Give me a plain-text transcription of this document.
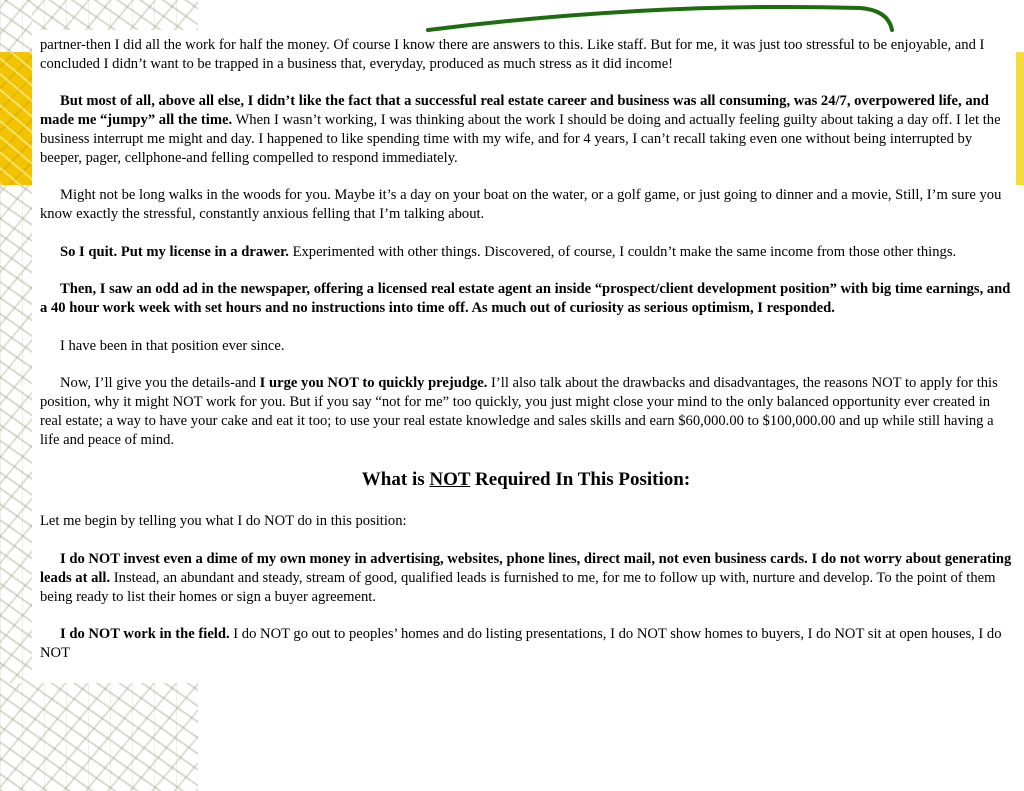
partner-then I did all the work for half the money. Of course I know there are answers to this. Like staff. But for me, it was just too stressful to be enjoyable, and I concluded I didn’t want to be trapped in a business that, everyday, produced as much stress as it did income!

But most of all, above all else, I didn’t like the fact that a successful real estate career and business was all consuming, was 24/7, overpowered life, and made me “jumpy” all the time. When I wasn’t working, I was thinking about the work I should be doing and actually feeling guilty about taking a day off. I let the business interrupt me might and day. I happened to like spending time with my wife, and for 4 years, I can’t recall taking even one without being interrupted by beeper, pager, cellphone-and felling compelled to respond immediately.

Might not be long walks in the woods for you. Maybe it’s a day on your boat on the water, or a golf game, or just going to dinner and a movie, Still, I’m sure you know exactly the stressful, constantly anxious felling that I’m talking about.

So I quit. Put my license in a drawer. Experimented with other things. Discovered, of course, I couldn’t make the same income from those other things.

Then, I saw an odd ad in the newspaper, offering a licensed real estate agent an inside “prospect/client development position” with big time earnings, and a 40 hour work week with set hours and no instructions into time off. As much out of curiosity as serious optimism, I responded.

I have been in that position ever since.

Now, I’ll give you the details-and I urge you NOT to quickly prejudge. I’ll also talk about the drawbacks and disadvantages, the reasons NOT to apply for this position, why it might NOT work for you. But if you say “not for me” too quickly, you just might close your mind to the only balanced opportunity ever created in real estate; a way to have your cake and eat it too; to use your real estate knowledge and sales skills and earn $60,000.00 to $100,000.00 and up while still having a life and peace of mind.

What is NOT Required In This Position:

Let me begin by telling you what I do NOT do in this position:

I do NOT invest even a dime of my own money in advertising, websites, phone lines, direct mail, not even business cards. I do not worry about generating leads at all. Instead, an abundant and steady, stream of good, qualified leads is furnished to me, for me to follow up with, nurture and develop. To the point of them being ready to list their homes or sign a buyer agreement.

I do NOT work in the field. I do NOT go out to peoples’ homes and do listing presentations, I do NOT show homes to buyers, I do NOT sit at open houses, I do NOT
